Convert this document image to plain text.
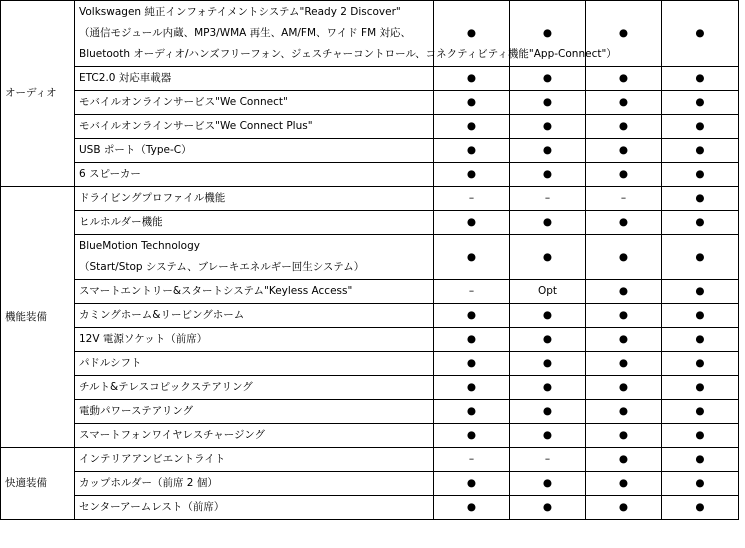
オーディオ	Volkswagen 純正インフォテイメントシステム"Ready 2 Discover"
（通信モジュール内蔵、MP3/WMA 再生、AM/FM、ワイド FM 対応、
Bluetooth オーディオ/ハンズフリーフォン、ジェスチャーコントロール、コネクティビティ機能"App-Connect"）	●	●	●	●

	ETC2.0 対応車載器	●	●	●	●

	モバイルオンラインサービス"We Connect"	●	●	●	●

	モバイルオンラインサービス"We Connect Plus"	●	●	●	●

	USB ポート（Type-C）	●	●	●	●

	6 スピーカー	●	●	●	●
機能装備	ドライビングプロファイル機能	–	–	–	●

	ヒルホルダー機能	●	●	●	●

	BlueMotion Technology
（Start/Stop システム、ブレーキエネルギー回生システム）	●	●	●	●

	スマートエントリー&スタートシステム"Keyless Access"	–	Opt	●	●

	カミングホーム&リービングホーム	●	●	●	●

	12V 電源ソケット（前席）	●	●	●	●

	パドルシフト	●	●	●	●

	チルト&テレスコピックステアリング	●	●	●	●

	電動パワーステアリング	●	●	●	●

	スマートフォンワイヤレスチャージング	●	●	●	●
快適装備	インテリアアンビエントライト	–	–	●	●

	カップホルダー（前席 2 個）	●	●	●	●

	センターアームレスト（前席）	●	●	●	●
